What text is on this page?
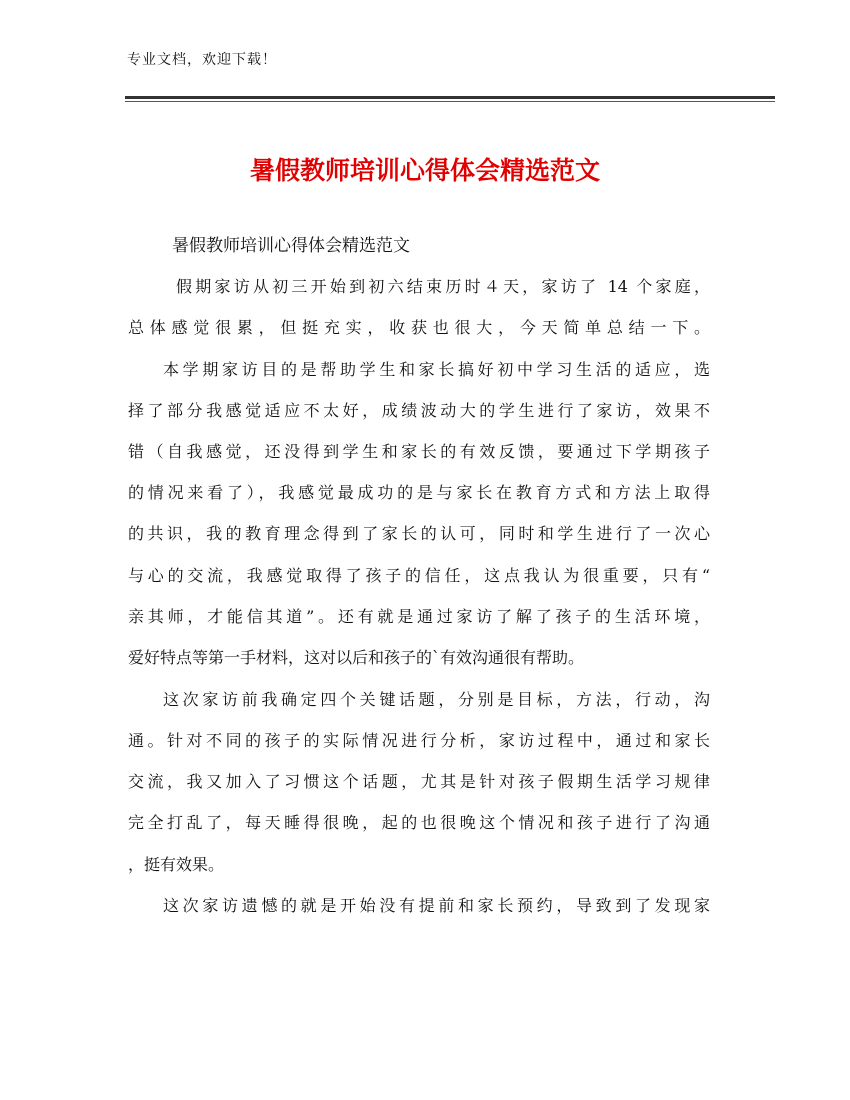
专业文档，欢迎下载！
暑假教师培训心得体会精选范文
暑假教师培训心得体会精选范文
假期家访从初三开始到初六结束历时４天，家访了 14 个家庭，
总体感觉很累，但挺充实，收获也很大，今天简单总结一下。
本学期家访目的是帮助学生和家长搞好初中学习生活的适应，选
择了部分我感觉适应不太好，成绩波动大的学生进行了家访，效果不
错（自我感觉，还没得到学生和家长的有效反馈，要通过下学期孩子
的情况来看了），我感觉最成功的是与家长在教育方式和方法上取得
的共识，我的教育理念得到了家长的认可，同时和学生进行了一次心
与心的交流，我感觉取得了孩子的信任，这点我认为很重要，只有“
亲其师，才能信其道”。还有就是通过家访了解了孩子的生活环境，
爱好特点等第一手材料，这对以后和孩子的`有效沟通很有帮助。
这次家访前我确定四个关键话题，分别是目标，方法，行动，沟
通。针对不同的孩子的实际情况进行分析，家访过程中，通过和家长
交流，我又加入了习惯这个话题，尤其是针对孩子假期生活学习规律
完全打乱了，每天睡得很晚，起的也很晚这个情况和孩子进行了沟通
，挺有效果。
这次家访遗憾的就是开始没有提前和家长预约，导致到了发现家
